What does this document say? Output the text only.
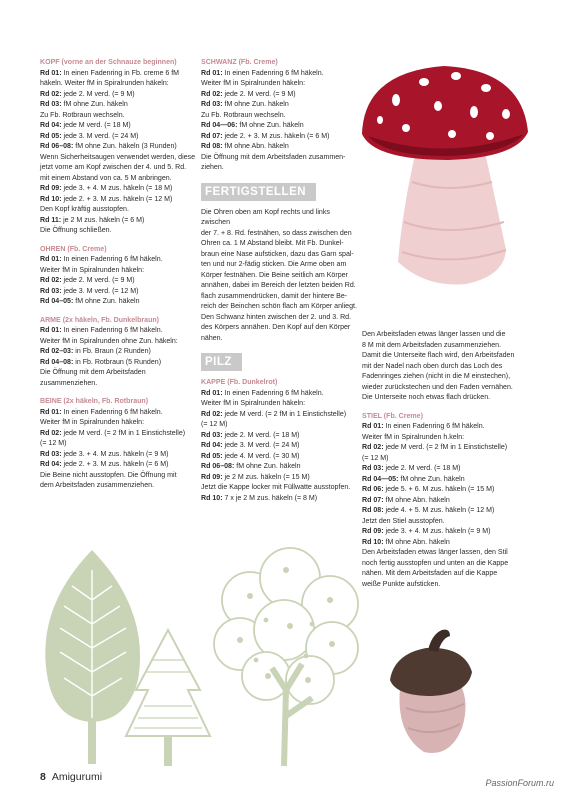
KOPF (vorne an der Schnauze beginnen)

Rd 01: In einen Fadenring in Fb. creme 6 fM

häkeln. Weiter fM in Spiralrunden häkeln:

Rd 02: jede 2. M verd. (= 9 M)

Rd 03: fM ohne Zun. häkeln

Zu Fb. Rotbraun wechseln.

Rd 04: jede M verd. (= 18 M)

Rd 05: jede 3. M verd. (= 24 M)

Rd 06–08: fM ohne Zun. häkeln (3 Runden)

Wenn Sicherheitsaugen verwendet werden, diese

jetzt vorne am Kopf zwischen der 4. und 5. Rd.

mit einem Abstand von ca. 5 M anbringen.

Rd 09: jede 3. + 4. M zus. häkeln (= 18 M)

Rd 10: jede 2. + 3. M zus. häkeln (= 12 M)

Den Kopf kräftig ausstopfen.

Rd 11: je 2 M zus. häkeln (= 6 M)

Die Öffnung schließen.

OHREN (Fb. Creme)

Rd 01: In einen Fadenring 6 fM häkeln.

Weiter fM in Spiralrunden häkeln:

Rd 02: jede 2. M verd. (= 9 M)

Rd 03: jede 3. M verd. (= 12 M)

Rd 04–05: fM ohne Zun. häkeln

ARME (2x häkeln, Fb. Dunkelbraun)

Rd 01: In einen Fadenring 6 fM häkeln.

Weiter fM in Spiralrunden ohne Zun. häkeln:

Rd 02–03: in Fb. Braun (2 Runden)

Rd 04–08: in Fb. Rotbraun (5 Runden)

Die Öffnung mit dem Arbeitsfaden

zusammenziehen.

BEINE (2x häkeln, Fb. Rotbraun)

Rd 01: In einen Fadenring 6 fM häkeln.

Weiter fM in Spiralrunden häkeln:

Rd 02: jede M verd. (= 2 fM in 1 Einstichstelle)

(= 12 M)

Rd 03: jede 3. + 4. M zus. häkeln (= 9 M)

Rd 04: jede 2. + 3. M zus. häkeln (= 6 M)

Die Beine nicht ausstopfen. Die Öffnung mit

dem Arbeitsfaden zusammenziehen.

SCHWANZ (Fb. Creme)

Rd 01: In einen Fadenring 6 fM häkeln.

Weiter fM in Spiralrunden häkeln:

Rd 02: jede 2. M verd. (= 9 M)

Rd 03: fM ohne Zun. häkeln

Zu Fb. Rotbraun wechseln.

Rd 04—06: fM ohne Zun. häkeln

Rd 07: jede 2. + 3. M zus. häkeln (= 6 M)

Rd 08: fM ohne Abn. häkeln

Die Öffnung mit dem Arbeitsfaden zusammen-

ziehen.

FERTIGSTELLEN

Die Ohren oben am Kopf rechts und links zwischen

der 7. + 8. Rd. festnähen, so dass zwischen den

Ohren ca. 1 M Abstand bleibt. Mit Fb. Dunkel-

braun eine Nase aufsticken, dazu das Garn spal-

ten und nur 2-fädig sticken. Die Arme oben am

Körper festnähen. Die Beine seitlich am Körper

annähen, dabei im Bereich der letzten beiden Rd.

flach zusammendrücken, damit der hintere Be-

reich der Beinchen schön flach am Körper anliegt.

Den Schwanz hinten zwischen der 2. und 3. Rd.

des Körpers annähen. Den Kopf auf den Körper

nähen.

PILZ

KAPPE (Fb. Dunkelrot)

Rd 01: In einen Fadenring 6 fM häkeln.

Weiter fM in Spiralrunden häkeln:

Rd 02: jede M verd. (= 2 fM in 1 Einstichstelle)

(= 12 M)

Rd 03: jede 2. M verd. (= 18 M)

Rd 04: jede 3. M verd. (= 24 M)

Rd 05: jede 4. M verd. (= 30 M)

Rd 06–08: fM ohne Zun. häkeln

Rd 09: je 2 M zus. häkeln (= 15 M)

Jetzt die Kappe locker mit Füllwatte ausstopfen.

Rd 10: 7 x je 2 M zus. häkeln (= 8 M)

Den Arbeitsfaden etwas länger lassen und die

8 M mit dem Arbeitsfaden zusammenziehen.

Damit die Unterseite flach wird, den Arbeitsfaden

mit der Nadel nach oben durch das Loch des

Fadenringes ziehen (nicht in die M einstechen),

wieder zurückstechen und den Faden vernähen.

Die Unterseite noch etwas flach drücken.

STIEL (Fb. Creme)

Rd 01: In einen Fadenring 6 fM häkeln.

Weiter fM in Spiralrunden h.keln:

Rd 02: jede M verd. (= 2 fM in 1 Einstichstelle)

(= 12 M)

Rd 03: jede 2. M verd. (= 18 M)

Rd 04—05: fM ohne Zun. häkeln

Rd 06: jede 5. + 6. M zus. häkeln (= 15 M)

Rd 07: fM ohne Abn. häkeln

Rd 08: jede 4. + 5. M zus. häkeln (= 12 M)

Jetzt den Stiel ausstopfen.

Rd 09: jede 3. + 4. M zus. häkeln (= 9 M)

Rd 10: fM ohne Abn. häkeln

Den Arbeitsfaden etwas länger lassen, den Stil

noch fertig ausstopfen und unten an die Kappe

nähen. Mit dem Arbeitsfaden auf die Kappe

weiße Punkte aufsticken.

8 Amigurumi	PassionForum.ru
